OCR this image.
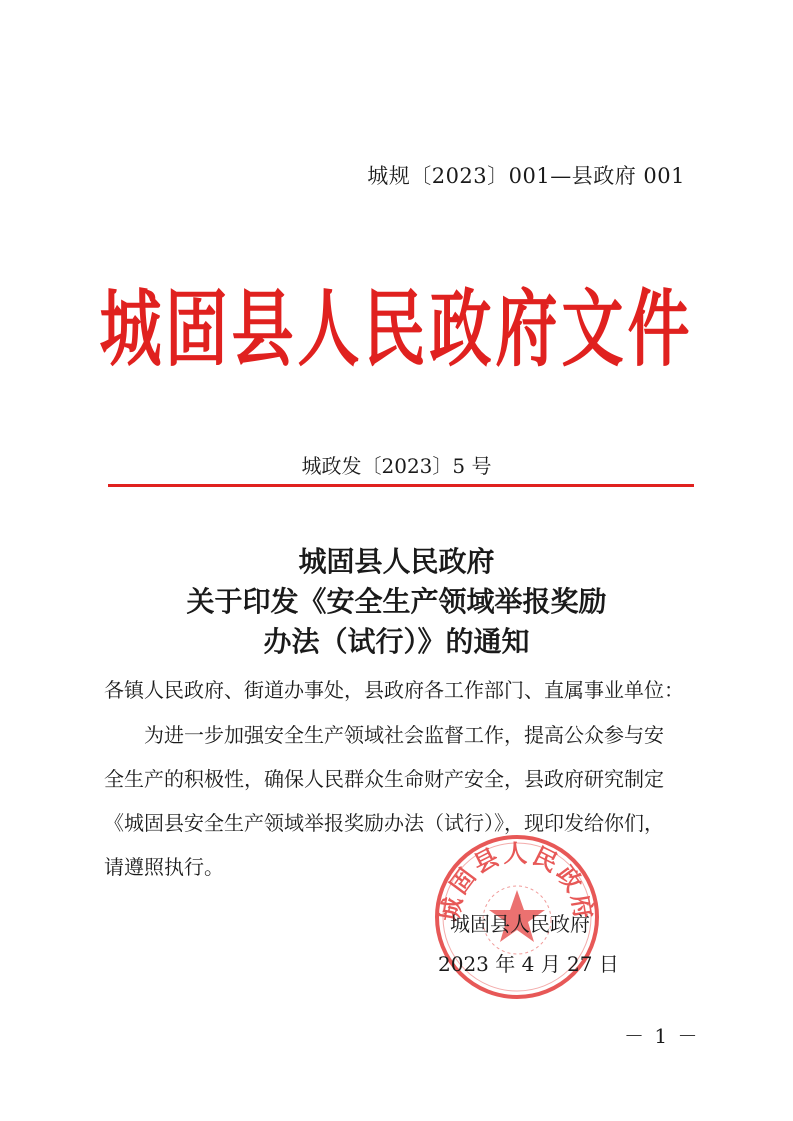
城规〔2023〕001—县政府 001
城固县人民政府文件
城政发〔2023〕5 号
城固县人民政府
关于印发《安全生产领域举报奖励
办法（试行）》的通知
各镇人民政府、街道办事处，县政府各工作部门、直属事业单位：
为进一步加强安全生产领域社会监督工作，提高公众参与安
全生产的积极性，确保人民群众生命财产安全，县政府研究制定
《城固县安全生产领域举报奖励办法（试行）》，现印发给你们，
请遵照执行。
城固县人民政府
城固县人民政府
2023 年 4 月 27 日
－ 1 －
